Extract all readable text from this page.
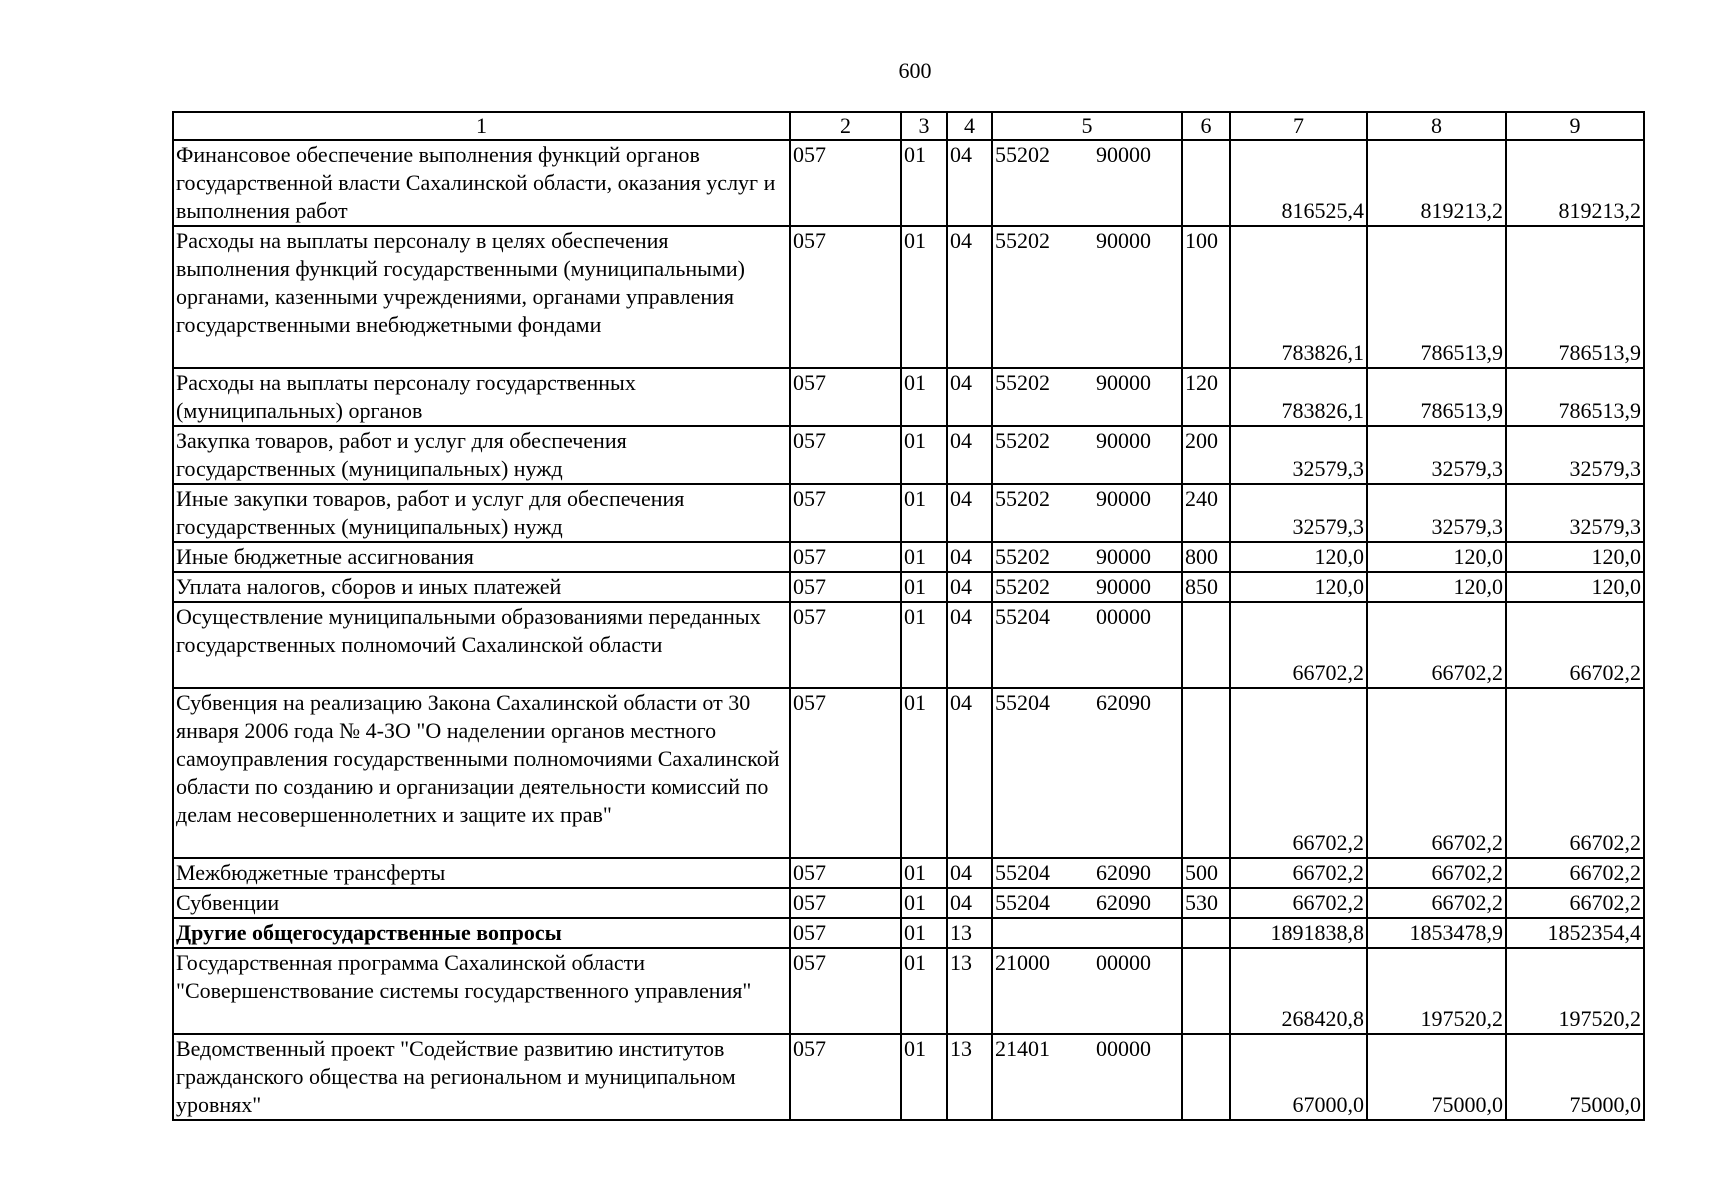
600
1	2	3	4	5	6	7	8	9
Финансовое обеспечение выполнения функций органов государственной власти Сахалинской области, оказания услуг и выполнения работ	057	01	04	55202 90000		816525,4	819213,2	819213,2
Расходы на выплаты персоналу в целях обеспечения выполнения функций государственными (муниципальными) органами, казенными учреждениями, органами управления государственными внебюджетными фондами	057	01	04	55202 90000	100	783826,1	786513,9	786513,9
Расходы на выплаты персоналу государственных (муниципальных) органов	057	01	04	55202 90000	120	783826,1	786513,9	786513,9
Закупка товаров, работ и услуг для обеспечения государственных (муниципальных) нужд	057	01	04	55202 90000	200	32579,3	32579,3	32579,3
Иные закупки товаров, работ и услуг для обеспечения государственных (муниципальных) нужд	057	01	04	55202 90000	240	32579,3	32579,3	32579,3
Иные бюджетные ассигнования	057	01	04	55202 90000	800	120,0	120,0	120,0
Уплата налогов, сборов и иных платежей	057	01	04	55202 90000	850	120,0	120,0	120,0
Осуществление муниципальными образованиями переданных государственных полномочий Сахалинской области	057	01	04	55204 00000		66702,2	66702,2	66702,2
Субвенция на реализацию Закона Сахалинской области от 30 января 2006 года № 4-ЗО "О наделении органов местного самоуправления государственными полномочиями Сахалинской области по созданию и организации деятельности комиссий по делам несовершеннолетних и защите их прав"	057	01	04	55204 62090		66702,2	66702,2	66702,2
Межбюджетные трансферты	057	01	04	55204 62090	500	66702,2	66702,2	66702,2
Субвенции	057	01	04	55204 62090	530	66702,2	66702,2	66702,2
Другие общегосударственные вопросы	057	01	13			1891838,8	1853478,9	1852354,4
Государственная программа Сахалинской области "Совершенствование системы государственного управления"	057	01	13	21000 00000		268420,8	197520,2	197520,2
Ведомственный проект "Содействие развитию институтов гражданского общества на региональном и муниципальном уровнях"	057	01	13	21401 00000		67000,0	75000,0	75000,0
